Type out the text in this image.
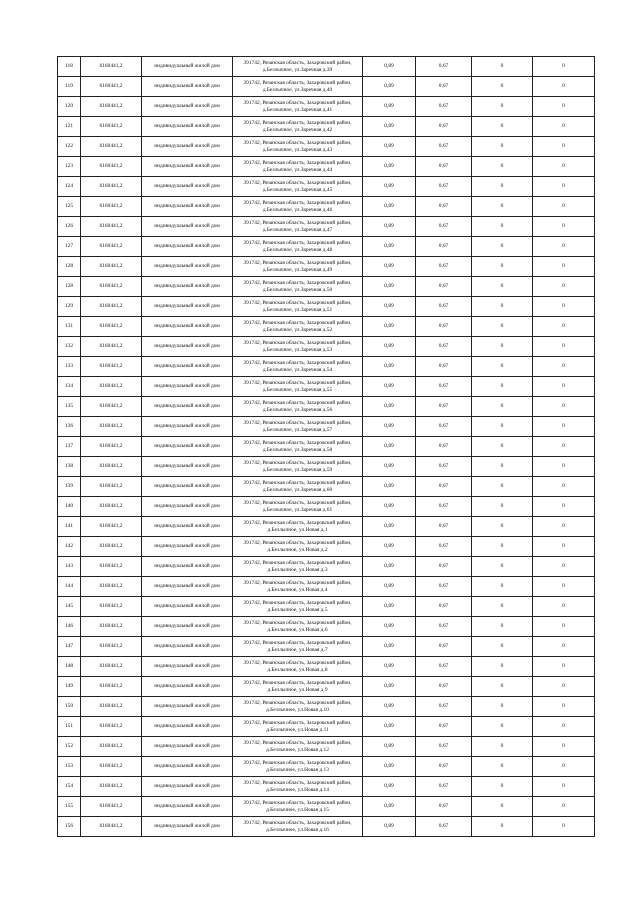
118	6160441,2	индивидуальный жилой дом	391742, Рязанская область, Захаровский район,
д.Безлычное, ул.Заречная д.39	0,89	0,67	0	0
119	6160441,2	индивидуальный жилой дом	391742, Рязанская область, Захаровский район,
д.Безлычное, ул.Заречная д.40	0,89	0,67	0	0
120	6160441,2	индивидуальный жилой дом	391742, Рязанская область, Захаровский район,
д.Безлычное, ул.Заречная д.41	0,89	0,67	0	0
121	6160441,2	индивидуальный жилой дом	391742, Рязанская область, Захаровский район,
д.Безлычное, ул.Заречная д.42	0,89	0,67	0	0
122	6160441,2	индивидуальный жилой дом	391742, Рязанская область, Захаровский район,
д.Безлычное, ул.Заречная д.43	0,89	0,67	0	0
123	6160441,2	индивидуальный жилой дом	391742, Рязанская область, Захаровский район,
д.Безлычное, ул.Заречная д.44	0,89	0,67	0	0
124	6160441,2	индивидуальный жилой дом	391742, Рязанская область, Захаровский район,
д.Безлычное, ул.Заречная д.45	0,89	0,67	0	0
125	6160441,2	индивидуальный жилой дом	391742, Рязанская область, Захаровский район,
д.Безлычное, ул.Заречная д.46	0,89	0,67	0	0
126	6160441,2	индивидуальный жилой дом	391742, Рязанская область, Захаровский район,
д.Безлычное, ул.Заречная д.47	0,89	0,67	0	0
127	6160441,2	индивидуальный жилой дом	391742, Рязанская область, Захаровский район,
д.Безлычное, ул.Заречная д.48	0,89	0,67	0	0
128	6160441,2	индивидуальный жилой дом	391742, Рязанская область, Захаровский район,
д.Безлычное, ул.Заречная д.49	0,89	0,67	0	0
128	6160441,2	индивидуальный жилой дом	391742, Рязанская область, Захаровский район,
д.Безлычное, ул.Заречная д.50	0,89	0,67	0	0
129	6160441,2	индивидуальный жилой дом	391742, Рязанская область, Захаровский район,
д.Безлычное, ул.Заречная д.51	0,89	0,67	0	0
131	6160441,2	индивидуальный жилой дом	391742, Рязанская область, Захаровский район,
д.Безлычное, ул.Заречная д.52	0,89	0,67	0	0
132	6160441,2	индивидуальный жилой дом	391742, Рязанская область, Захаровский район,
д.Безлычное, ул.Заречная д.53	0,89	0,67	0	0
133	6160441,2	индивидуальный жилой дом	391742, Рязанская область, Захаровский район,
д.Безлычное, ул.Заречная д.54	0,89	0,67	0	0
134	6160441,2	индивидуальный жилой дом	391742, Рязанская область, Захаровский район,
д.Безлычное, ул.Заречная д.55	0,89	0,67	0	0
135	6160441,2	индивидуальный жилой дом	391742, Рязанская область, Захаровский район,
д.Безлычное, ул.Заречная д.56	0,89	0,67	0	0
136	6160441,2	индивидуальный жилой дом	391742, Рязанская область, Захаровский район,
д.Безлычное, ул.Заречная д.57	0,89	0,67	0	0
137	6160441,2	индивидуальный жилой дом	391742, Рязанская область, Захаровский район,
д.Безлычное, ул.Заречная д.58	0,89	0,67	0	0
138	6160441,2	индивидуальный жилой дом	391742, Рязанская область, Захаровский район,
д.Безлычное, ул.Заречная д.59	0,89	0,67	0	0
139	6160441,2	индивидуальный жилой дом	391742, Рязанская область, Захаровский район,
д.Безлычное, ул.Заречная д.60	0,89	0,67	0	0
140	6160441,2	индивидуальный жилой дом	391742, Рязанская область, Захаровский район,
д.Безлычное, ул.Заречная д.61	0,89	0,67	0	0
141	6160441,2	индивидуальный жилой дом	391742, Рязанская область, Захаровский район,
д.Безлычное, ул.Новая д.1	0,89	0,67	0	0
142	6160441,2	индивидуальный жилой дом	391742, Рязанская область, Захаровский район,
д.Безлычное, ул.Новая д.2	0,89	0,67	0	0
143	6160441,2	индивидуальный жилой дом	391742, Рязанская область, Захаровский район,
д.Безлычное, ул.Новая д.3	0,89	0,67	0	0
144	6160441,2	индивидуальный жилой дом	391742, Рязанская область, Захаровский район,
д.Безлычное, ул.Новая д.4	0,89	0,67	0	0
145	6160441,2	индивидуальный жилой дом	391742, Рязанская область, Захаровский район,
д.Безлычное, ул.Новая д.5	0,89	0,67	0	0
146	6160441,2	индивидуальный жилой дом	391742, Рязанская область, Захаровский район,
д.Безлычное, ул.Новая д.6	0,89	0,67	0	0
147	6160441,2	индивидуальный жилой дом	391742, Рязанская область, Захаровский район,
д.Безлычное, ул.Новая д.7	0,89	0,67	0	0
148	6160441,2	индивидуальный жилой дом	391742, Рязанская область, Захаровский район,
д.Безлычное, ул.Новая д.8	0,89	0,67	0	0
149	6160441,2	индивидуальный жилой дом	391742, Рязанская область, Захаровский район,
д.Безлычное, ул.Новая д.9	0,89	0,67	0	0
150	6160441,2	индивидуальный жилой дом	391742, Рязанская область, Захаровский район,
д.Безлычное, ул.Новая д.10	0,89	0,67	0	0
151	6160441,2	индивидуальный жилой дом	391742, Рязанская область, Захаровский район,
д.Безлычное, ул.Новая д.11	0,89	0,67	0	0
152	6160441,2	индивидуальный жилой дом	391742, Рязанская область, Захаровский район,
д.Безлычное, ул.Новая д.12	0,89	0,67	0	0
153	6160441,2	индивидуальный жилой дом	391742, Рязанская область, Захаровский район,
д.Безлычное, ул.Новая д.13	0,89	0,67	0	0
154	6160441,2	индивидуальный жилой дом	391742, Рязанская область, Захаровский район,
д.Безлычное, ул.Новая д.14	0,89	0,67	0	0
155	6160441,2	индивидуальный жилой дом	391742, Рязанская область, Захаровский район,
д.Безлычное, ул.Новая д.15	0,89	0,67	0	0
156	6160441,2	индивидуальный жилой дом	391742, Рязанская область, Захаровский район,
д.Безлычное, ул.Новая д.16	0,89	0,67	0	0
